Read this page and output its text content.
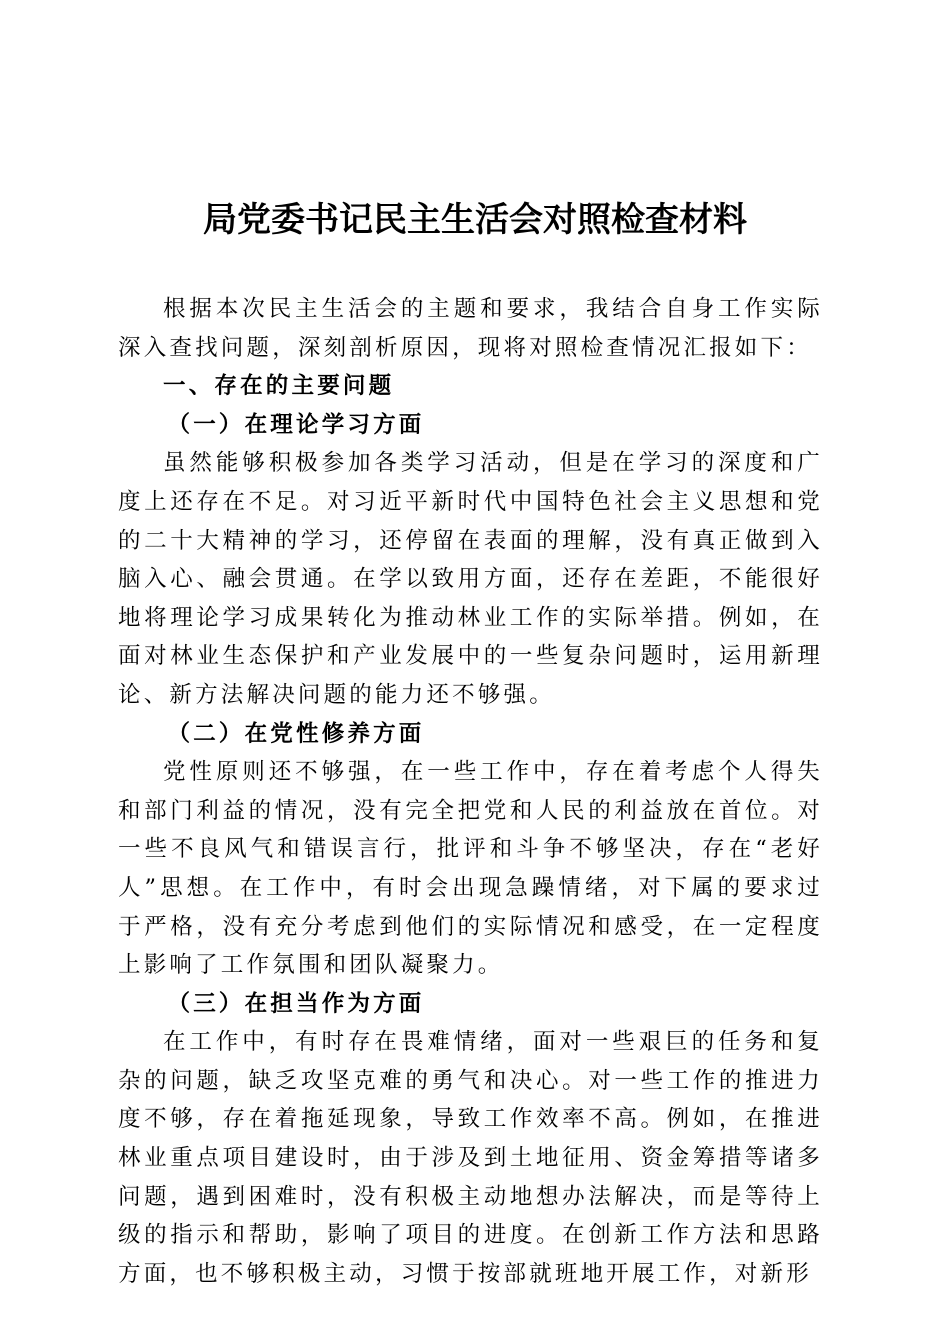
局党委书记民主生活会对照检查材料

根据本次民主生活会的主题和要求，我结合自身工作实际深入查找问题，深刻剖析原因，现将对照检查情况汇报如下：

一、存在的主要问题
（一）在理论学习方面

虽然能够积极参加各类学习活动，但是在学习的深度和广度上还存在不足。对习近平新时代中国特色社会主义思想和党的二十大精神的学习，还停留在表面的理解，没有真正做到入脑入心、融会贯通。在学以致用方面，还存在差距，不能很好地将理论学习成果转化为推动林业工作的实际举措。例如，在面对林业生态保护和产业发展中的一些复杂问题时，运用新理论、新方法解决问题的能力还不够强。

（二）在党性修养方面

党性原则还不够强，在一些工作中，存在着考虑个人得失和部门利益的情况，没有完全把党和人民的利益放在首位。对一些不良风气和错误言行，批评和斗争不够坚决，存在“老好人”思想。在工作中，有时会出现急躁情绪，对下属的要求过于严格，没有充分考虑到他们的实际情况和感受，在一定程度上影响了工作氛围和团队凝聚力。

（三）在担当作为方面

在工作中，有时存在畏难情绪，面对一些艰巨的任务和复杂的问题，缺乏攻坚克难的勇气和决心。对一些工作的推进力度不够，存在着拖延现象，导致工作效率不高。例如，在推进林业重点项目建设时，由于涉及到土地征用、资金筹措等诸多问题，遇到困难时，没有积极主动地想办法解决，而是等待上级的指示和帮助，影响了项目的进度。在创新工作方法和思路方面，也不够积极主动，习惯于按部就班地开展工作，对新形
